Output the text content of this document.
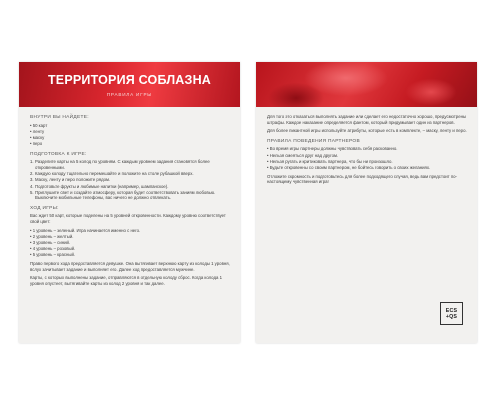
ТЕРРИТОРИЯ СОБЛАЗНА
ПРАВИЛА ИГРЫ
ВНУТРИ ВЫ НАЙДЕТЕ:
• 50 карт
• ленту
• маску
• перо
ПОДГОТОВКА К ИГРЕ:
1. Разделите карты на 5 колод по уровням. С каждым уровнем задания становятся более откровенными.
2. Каждую колоду тщательно перемешайте и положите на столе рубашкой вверх.
3. Маску, ленту и перо положите рядом.
4. Подготовьте фрукты и любимые напитки (например, шампанское).
5. Приглушите свет и создайте атмосферу, которая будет соответствовать заниям любовью. Выключите мобильные телефоны, вас ничего не должно отвлекать.
ХОД ИГРЫ:
Вас ждет 50 карт, которые поделены на 5 уровней откровенности. Каждому уровню соответствует свой цвет:
• 1 уровень – зеленый. Игра начинается именно с него.
• 2 уровень – желтый.
• 3 уровень – синий.
• 4 уровень – розовый.
• 5 уровень – красный.
Право первого хода предоставляется девушке. Она вытягивает верхнюю карту из колоды 1 уровня, вслух зачитывает задание и выполняет его. Далее ход предоставляется мужчине.
Карты, с которых выполнены задание, отправляются в отдельную колоду сброс. Когда колода 1 уровня опустеет, вытягивайте карты из колод 2 уровня и так далее.
Для того это отказаться выполнять задание или сделает его недостаточно хорошо, предусмотрены штрафы. Каждое наказание определяется фантом, который придумывает один из партнеров.
Для более пикантной игры используйте атрибуты, которые есть в комплекте, – маску, ленту и перо.
ПРАВИЛА ПОВЕДЕНИЯ ПАРТНЕРОВ
• Во время игры партнеры должны чувствовать себя раскованно.
• Нельзя смеяться друг над другом.
• Нельзя ругать и критиковать партнера, что бы ни произошло.
• Будьте откровенны со своим партнером, не бойтесь говорить о своих желаниях.
Отложите скромность и подготовьтесь для более подходящего случая, ведь вам предстоит по-настоящему чувственная игра!
ЕCS
+QS
